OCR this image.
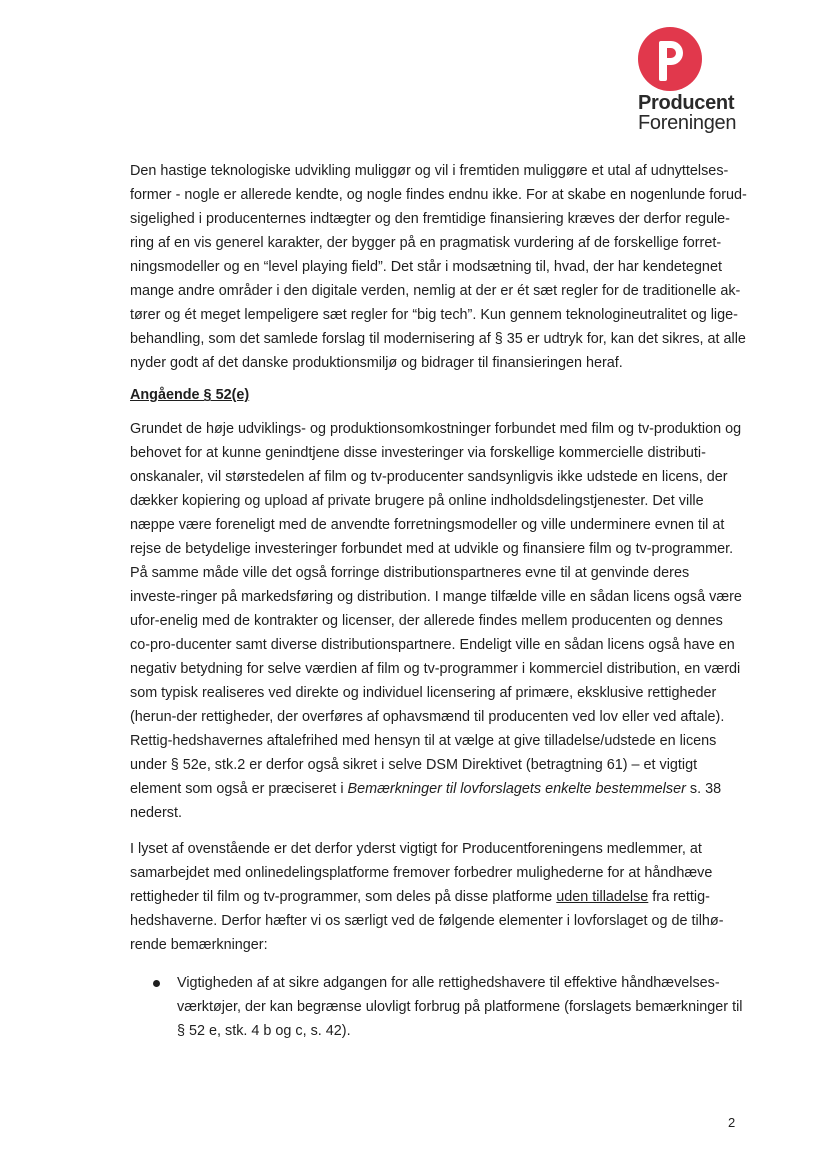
Producent
Foreningen

Den hastige teknologiske udvikling muliggør og vil i fremtiden muliggøre et utal af udnyttelses-former - nogle er allerede kendte, og nogle findes endnu ikke. For at skabe en nogenlunde forud-sigelighed i producenternes indtægter og den fremtidige finansiering kræves der derfor regule-ring af en vis generel karakter, der bygger på en pragmatisk vurdering af de forskellige forret-ningsmodeller og en “level playing field”. Det står i modsætning til, hvad, der har kendetegnet mange andre områder i den digitale verden, nemlig at der er ét sæt regler for de traditionelle ak-tører og ét meget lempeligere sæt regler for “big tech”. Kun gennem teknologineutralitet og lige-behandling, som det samlede forslag til modernisering af § 35 er udtryk for, kan det sikres, at alle nyder godt af det danske produktionsmiljø og bidrager til finansieringen heraf.

Angående § 52(e)

Grundet de høje udviklings- og produktionsomkostninger forbundet med film og tv-produktion og behovet for at kunne genindtjene disse investeringer via forskellige kommercielle distributi-onskanaler, vil størstedelen af film og tv-producenter sandsynligvis ikke udstede en licens, der dækker kopiering og upload af private brugere på online indholdsdelingstjenester. Det ville næppe være foreneligt med de anvendte forretningsmodeller og ville underminere evnen til at rejse de betydelige investeringer forbundet med at udvikle og finansiere film og tv-programmer. På samme måde ville det også forringe distributionspartneres evne til at genvinde deres investe-ringer på markedsføring og distribution. I mange tilfælde ville en sådan licens også være ufor-enelig med de kontrakter og licenser, der allerede findes mellem producenten og dennes co-pro-ducenter samt diverse distributionspartnere. Endeligt ville en sådan licens også have en negativ betydning for selve værdien af film og tv-programmer i kommerciel distribution, en værdi som typisk realiseres ved direkte og individuel licensering af primære, eksklusive rettigheder (herun-der rettigheder, der overføres af ophavsmænd til producenten ved lov eller ved aftale). Rettig-hedshavernes aftalefrihed med hensyn til at vælge at give tilladelse/udstede en licens under § 52e, stk.2 er derfor også sikret i selve DSM Direktivet (betragtning 61) – et vigtigt element som også er præciseret i Bemærkninger til lovforslagets enkelte bestemmelser s. 38 nederst.

I lyset af ovenstående er det derfor yderst vigtigt for Producentforeningens medlemmer, at samarbejdet med onlinedelingsplatforme fremover forbedrer mulighederne for at håndhæve rettigheder til film og tv-programmer, som deles på disse platforme uden tilladelse fra rettig-hedshaverne. Derfor hæfter vi os særligt ved de følgende elementer i lovforslaget og de tilhø-rende bemærkninger:

Vigtigheden af at sikre adgangen for alle rettighedshavere til effektive håndhævelses-værktøjer, der kan begrænse ulovligt forbrug på platformene (forslagets bemærkninger til § 52 e, stk. 4 b og c, s. 42).
2
